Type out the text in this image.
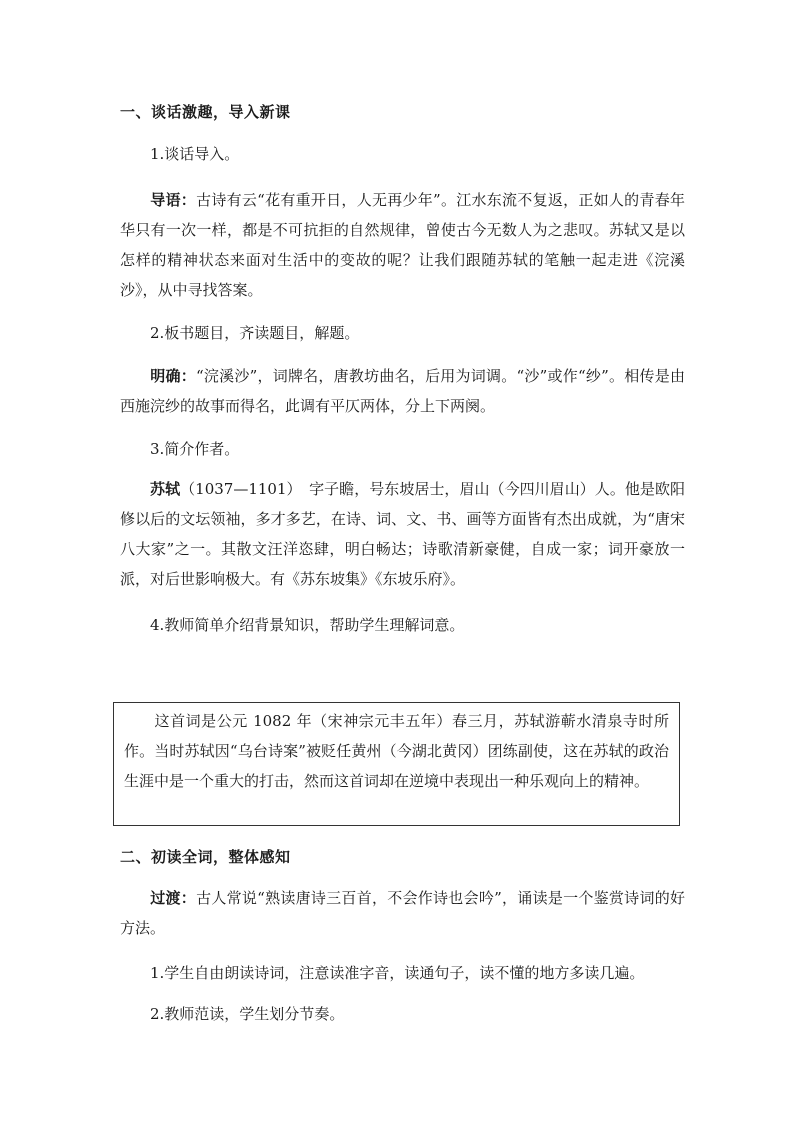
一、谈话激趣，导入新课
1.谈话导入。
导语：古诗有云“花有重开日，人无再少年”。江水东流不复返，正如人的青春年华只有一次一样，都是不可抗拒的自然规律，曾使古今无数人为之悲叹。苏轼又是以怎样的精神状态来面对生活中的变故的呢？让我们跟随苏轼的笔触一起走进《浣溪沙》，从中寻找答案。
2.板书题目，齐读题目，解题。
明确：“浣溪沙”，词牌名，唐教坊曲名，后用为词调。“沙”或作“纱”。相传是由西施浣纱的故事而得名，此调有平仄两体，分上下两阕。
3.简介作者。
苏轼（1037—1101）　字子瞻，号东坡居士，眉山（今四川眉山）人。他是欧阳修以后的文坛领袖，多才多艺，在诗、词、文、书、画等方面皆有杰出成就，为“唐宋八大家”之一。其散文汪洋恣肆，明白畅达；诗歌清新豪健，自成一家；词开豪放一派，对后世影响极大。有《苏东坡集》《东坡乐府》。
4.教师简单介绍背景知识，帮助学生理解词意。
这首词是公元 1082 年（宋神宗元丰五年）春三月，苏轼游蕲水清泉寺时所作。当时苏轼因“乌台诗案”被贬任黄州（今湖北黄冈）团练副使，这在苏轼的政治生涯中是一个重大的打击，然而这首词却在逆境中表现出一种乐观向上的精神。
二、初读全词，整体感知
过渡：古人常说“熟读唐诗三百首，不会作诗也会吟”，诵读是一个鉴赏诗词的好方法。
1.学生自由朗读诗词，注意读准字音，读通句子，读不懂的地方多读几遍。
2.教师范读，学生划分节奏。
